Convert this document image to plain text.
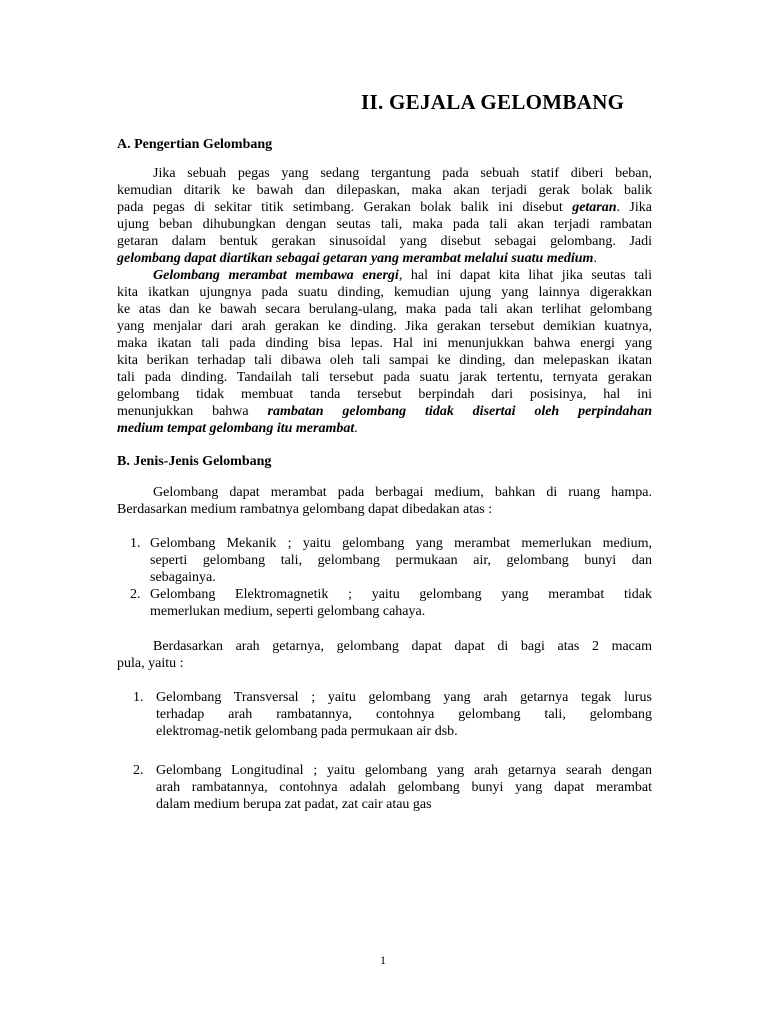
II. GEJALA GELOMBANG
A. Pengertian Gelombang
Jika sebuah pegas yang sedang tergantung pada sebuah statif diberi beban,
kemudian ditarik ke bawah dan dilepaskan, maka akan terjadi gerak bolak balik
pada pegas di sekitar titik setimbang. Gerakan bolak balik ini disebut getaran. Jika
ujung beban dihubungkan dengan seutas tali, maka pada tali akan terjadi rambatan
getaran dalam bentuk gerakan sinusoidal yang disebut sebagai gelombang. Jadi
gelombang dapat diartikan sebagai getaran yang merambat melalui suatu medium.
Gelombang merambat membawa energi, hal ini dapat kita lihat jika seutas tali
kita ikatkan ujungnya pada suatu dinding, kemudian ujung yang lainnya digerakkan
ke atas dan ke bawah secara berulang-ulang, maka pada tali akan terlihat gelombang
yang menjalar dari arah gerakan ke dinding. Jika gerakan tersebut demikian kuatnya,
maka ikatan tali pada dinding bisa lepas. Hal ini menunjukkan bahwa energi yang
kita berikan terhadap tali dibawa oleh tali sampai ke dinding, dan melepaskan ikatan
tali pada dinding. Tandailah tali tersebut pada suatu jarak tertentu, ternyata gerakan
gelombang tidak membuat tanda tersebut berpindah dari posisinya, hal ini
menunjukkan bahwa rambatan gelombang tidak disertai oleh perpindahan
medium tempat gelombang itu merambat.
B. Jenis-Jenis Gelombang
Gelombang dapat merambat pada berbagai medium, bahkan di ruang hampa.
Berdasarkan medium rambatnya gelombang dapat dibedakan atas :
1. Gelombang Mekanik ; yaitu gelombang yang merambat memerlukan medium,
seperti gelombang tali, gelombang permukaan air, gelombang bunyi dan
sebagainya.
2. Gelombang Elektromagnetik ; yaitu gelombang yang merambat tidak
memerlukan medium, seperti gelombang cahaya.
Berdasarkan arah getarnya, gelombang dapat dapat di bagi atas 2 macam
pula, yaitu :
1. Gelombang Transversal ; yaitu gelombang yang arah getarnya tegak lurus
terhadap arah rambatannya, contohnya gelombang tali, gelombang
elektromag-netik gelombang pada permukaan air dsb.
2. Gelombang Longitudinal ; yaitu gelombang yang arah getarnya searah dengan
arah rambatannya, contohnya adalah gelombang bunyi yang dapat merambat
dalam medium berupa zat padat, zat cair atau gas
1
